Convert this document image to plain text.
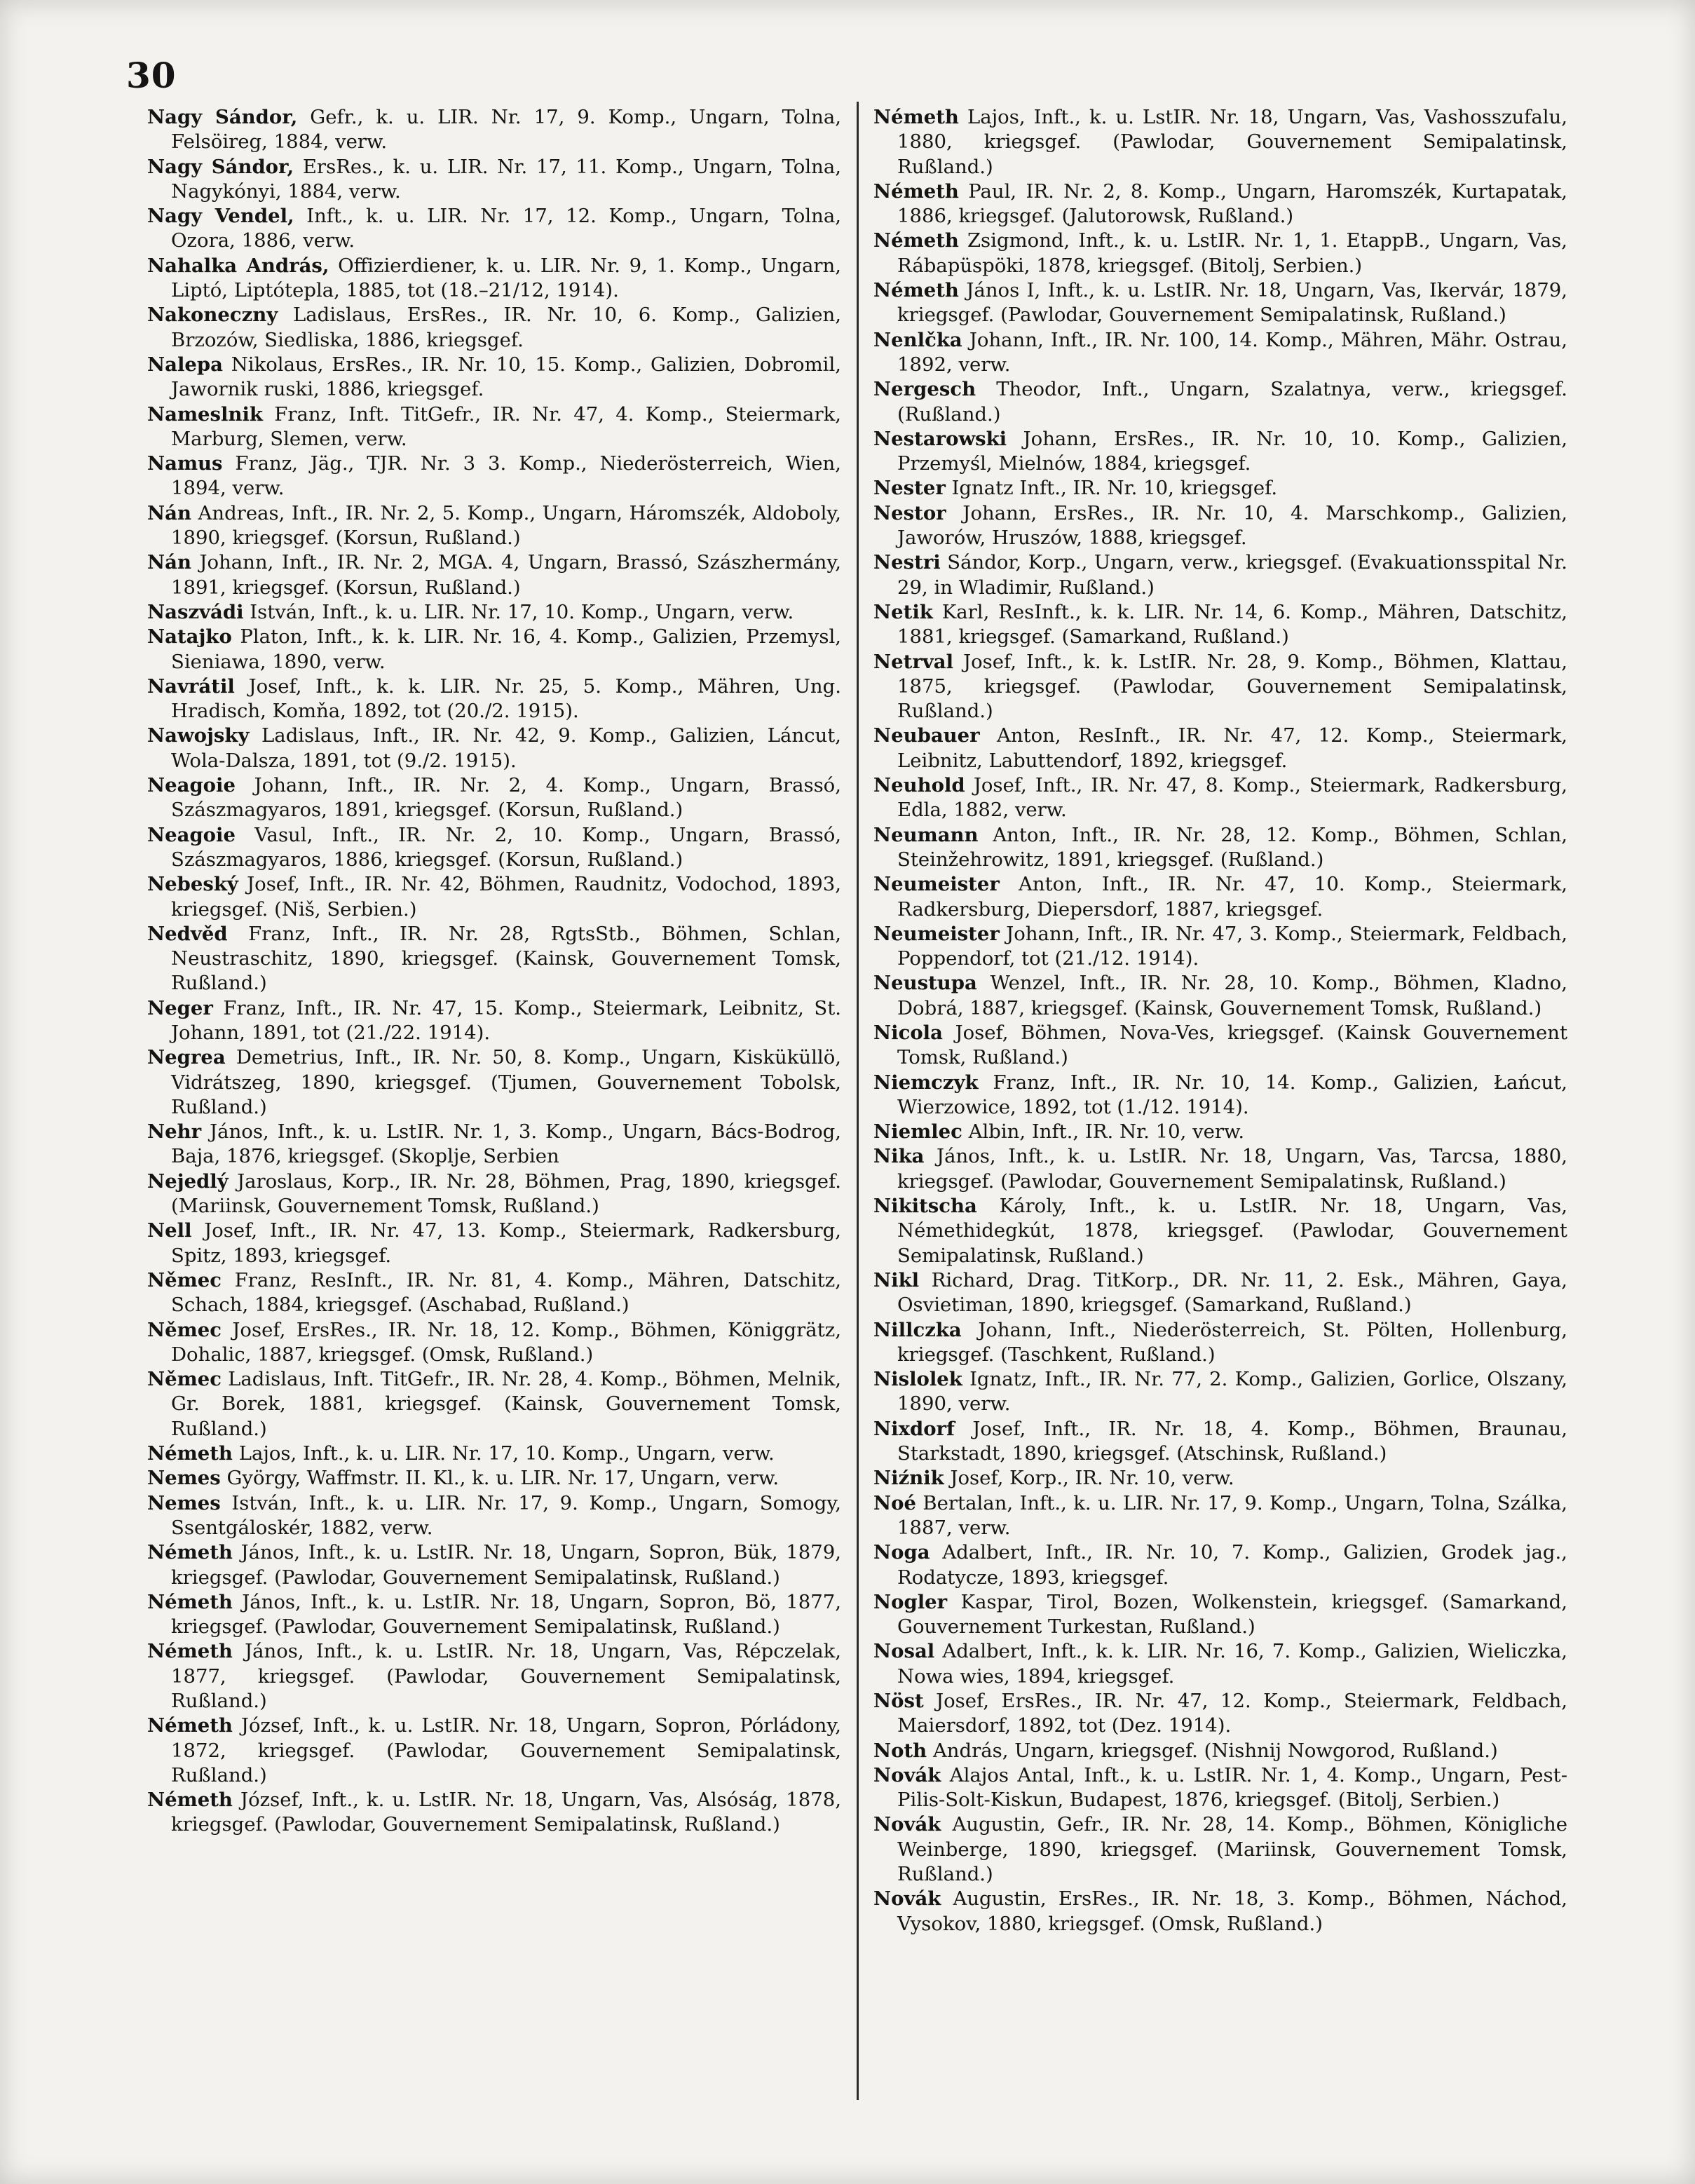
30

Nagy Sándor, Gefr., k. u. LIR. Nr. 17, 9. Komp., Ungarn, Tolna, Felsöireg, 1884, verw.

Nagy Sándor, ErsRes., k. u. LIR. Nr. 17, 11. Komp., Ungarn, Tolna, Nagykónyi, 1884, verw.

Nagy Vendel, Inft., k. u. LIR. Nr. 17, 12. Komp., Ungarn, Tolna, Ozora, 1886, verw.

Nahalka András, Offizierdiener, k. u. LIR. Nr. 9, 1. Komp., Ungarn, Liptó, Liptótepla, 1885, tot (18.–21/12, 1914).

Nakoneczny Ladislaus, ErsRes., IR. Nr. 10, 6. Komp., Galizien, Brzozów, Siedliska, 1886, kriegsgef.

Nalepa Nikolaus, ErsRes., IR. Nr. 10, 15. Komp., Galizien, Dobromil, Jawornik ruski, 1886, kriegsgef.

Nameslnik Franz, Inft. TitGefr., IR. Nr. 47, 4. Komp., Steiermark, Marburg, Slemen, verw.

Namus Franz, Jäg., TJR. Nr. 3 3. Komp., Niederösterreich, Wien, 1894, verw.

Nán Andreas, Inft., IR. Nr. 2, 5. Komp., Ungarn, Háromszék, Aldoboly, 1890, kriegsgef. (Korsun, Rußland.)

Nán Johann, Inft., IR. Nr. 2, MGA. 4, Ungarn, Brassó, Szászhermány, 1891, kriegsgef. (Korsun, Rußland.)

Naszvádi István, Inft., k. u. LIR. Nr. 17, 10. Komp., Ungarn, verw.

Natajko Platon, Inft., k. k. LIR. Nr. 16, 4. Komp., Galizien, Przemysl, Sieniawa, 1890, verw.

Navrátil Josef, Inft., k. k. LIR. Nr. 25, 5. Komp., Mähren, Ung. Hradisch, Komňa, 1892, tot (20./2. 1915).

Nawojsky Ladislaus, Inft., IR. Nr. 42, 9. Komp., Galizien, Láncut, Wola-Dalsza, 1891, tot (9./2. 1915).

Neagoie Johann, Inft., IR. Nr. 2, 4. Komp., Ungarn, Brassó, Szászmagyaros, 1891, kriegsgef. (Korsun, Rußland.)

Neagoie Vasul, Inft., IR. Nr. 2, 10. Komp., Ungarn, Brassó, Szászmagyaros, 1886, kriegsgef. (Korsun, Rußland.)

Nebeský Josef, Inft., IR. Nr. 42, Böhmen, Raudnitz, Vodochod, 1893, kriegsgef. (Niš, Serbien.)

Nedvěd Franz, Inft., IR. Nr. 28, RgtsStb., Böhmen, Schlan, Neustraschitz, 1890, kriegsgef. (Kainsk, Gouvernement Tomsk, Rußland.)

Neger Franz, Inft., IR. Nr. 47, 15. Komp., Steiermark, Leibnitz, St. Johann, 1891, tot (21./22. 1914).

Negrea Demetrius, Inft., IR. Nr. 50, 8. Komp., Ungarn, Kisküküllö, Vidrátszeg, 1890, kriegsgef. (Tjumen, Gouvernement Tobolsk, Rußland.)

Nehr János, Inft., k. u. LstIR. Nr. 1, 3. Komp., Ungarn, Bács-Bodrog, Baja, 1876, kriegsgef. (Skoplje, Serbien

Nejedlý Jaroslaus, Korp., IR. Nr. 28, Böhmen, Prag, 1890, kriegsgef. (Mariinsk, Gouvernement Tomsk, Rußland.)

Nell Josef, Inft., IR. Nr. 47, 13. Komp., Steiermark, Radkersburg, Spitz, 1893, kriegsgef.

Němec Franz, ResInft., IR. Nr. 81, 4. Komp., Mähren, Datschitz, Schach, 1884, kriegsgef. (Aschabad, Rußland.)

Němec Josef, ErsRes., IR. Nr. 18, 12. Komp., Böhmen, Königgrätz, Dohalic, 1887, kriegsgef. (Omsk, Rußland.)

Němec Ladislaus, Inft. TitGefr., IR. Nr. 28, 4. Komp., Böhmen, Melnik, Gr. Borek, 1881, kriegsgef. (Kainsk, Gouvernement Tomsk, Rußland.)

Németh Lajos, Inft., k. u. LIR. Nr. 17, 10. Komp., Ungarn, verw.

Nemes György, Waffmstr. II. Kl., k. u. LIR. Nr. 17, Ungarn, verw.

Nemes István, Inft., k. u. LIR. Nr. 17, 9. Komp., Ungarn, Somogy, Ssentgáloskér, 1882, verw.

Németh János, Inft., k. u. LstIR. Nr. 18, Ungarn, Sopron, Bük, 1879, kriegsgef. (Pawlodar, Gouvernement Semipalatinsk, Rußland.)

Németh János, Inft., k. u. LstIR. Nr. 18, Ungarn, Sopron, Bö, 1877, kriegsgef. (Pawlodar, Gouvernement Semipalatinsk, Rußland.)

Németh János, Inft., k. u. LstIR. Nr. 18, Ungarn, Vas, Répczelak, 1877, kriegsgef. (Pawlodar, Gouvernement Semipalatinsk, Rußland.)

Németh József, Inft., k. u. LstIR. Nr. 18, Ungarn, Sopron, Pórládony, 1872, kriegsgef. (Pawlodar, Gouvernement Semipalatinsk, Rußland.)

Németh József, Inft., k. u. LstIR. Nr. 18, Ungarn, Vas, Alsóság, 1878, kriegsgef. (Pawlodar, Gouvernement Semipalatinsk, Rußland.)

Németh Lajos, Inft., k. u. LstIR. Nr. 18, Ungarn, Vas, Vashosszufalu, 1880, kriegsgef. (Pawlodar, Gouvernement Semipalatinsk, Rußland.)

Németh Paul, IR. Nr. 2, 8. Komp., Ungarn, Haromszék, Kurtapatak, 1886, kriegsgef. (Jalutorowsk, Rußland.)

Németh Zsigmond, Inft., k. u. LstIR. Nr. 1, 1. EtappB., Ungarn, Vas, Rábapüspöki, 1878, kriegsgef. (Bitolj, Serbien.)

Németh János I, Inft., k. u. LstIR. Nr. 18, Ungarn, Vas, Ikervár, 1879, kriegsgef. (Pawlodar, Gouvernement Semipalatinsk, Rußland.)

Nenlčka Johann, Inft., IR. Nr. 100, 14. Komp., Mähren, Mähr. Ostrau, 1892, verw.

Nergesch Theodor, Inft., Ungarn, Szalatnya, verw., kriegsgef. (Rußland.)

Nestarowski Johann, ErsRes., IR. Nr. 10, 10. Komp., Galizien, Przemyśl, Mielnów, 1884, kriegsgef.

Nester Ignatz Inft., IR. Nr. 10, kriegsgef.

Nestor Johann, ErsRes., IR. Nr. 10, 4. Marschkomp., Galizien, Jaworów, Hruszów, 1888, kriegsgef.

Nestri Sándor, Korp., Ungarn, verw., kriegsgef. (Evakuationsspital Nr. 29, in Wladimir, Rußland.)

Netik Karl, ResInft., k. k. LIR. Nr. 14, 6. Komp., Mähren, Datschitz, 1881, kriegsgef. (Samarkand, Rußland.)

Netrval Josef, Inft., k. k. LstIR. Nr. 28, 9. Komp., Böhmen, Klattau, 1875, kriegsgef. (Pawlodar, Gouvernement Semipalatinsk, Rußland.)

Neubauer Anton, ResInft., IR. Nr. 47, 12. Komp., Steiermark, Leibnitz, Labuttendorf, 1892, kriegsgef.

Neuhold Josef, Inft., IR. Nr. 47, 8. Komp., Steiermark, Radkersburg, Edla, 1882, verw.

Neumann Anton, Inft., IR. Nr. 28, 12. Komp., Böhmen, Schlan, Steinžehrowitz, 1891, kriegsgef. (Rußland.)

Neumeister Anton, Inft., IR. Nr. 47, 10. Komp., Steiermark, Radkersburg, Diepersdorf, 1887, kriegsgef.

Neumeister Johann, Inft., IR. Nr. 47, 3. Komp., Steiermark, Feldbach, Poppendorf, tot (21./12. 1914).

Neustupa Wenzel, Inft., IR. Nr. 28, 10. Komp., Böhmen, Kladno, Dobrá, 1887, kriegsgef. (Kainsk, Gouvernement Tomsk, Rußland.)

Nicola Josef, Böhmen, Nova-Ves, kriegsgef. (Kainsk Gouvernement Tomsk, Rußland.)

Niemczyk Franz, Inft., IR. Nr. 10, 14. Komp., Galizien, Łańcut, Wierzowice, 1892, tot (1./12. 1914).

Niemlec Albin, Inft., IR. Nr. 10, verw.

Nika János, Inft., k. u. LstIR. Nr. 18, Ungarn, Vas, Tarcsa, 1880, kriegsgef. (Pawlodar, Gouvernement Semipalatinsk, Rußland.)

Nikitscha Károly, Inft., k. u. LstIR. Nr. 18, Ungarn, Vas, Némethidegkút, 1878, kriegsgef. (Pawlodar, Gouvernement Semipalatinsk, Rußland.)

Nikl Richard, Drag. TitKorp., DR. Nr. 11, 2. Esk., Mähren, Gaya, Osvietiman, 1890, kriegsgef. (Samarkand, Rußland.)

Nillczka Johann, Inft., Niederösterreich, St. Pölten, Hollenburg, kriegsgef. (Taschkent, Rußland.)

Nislolek Ignatz, Inft., IR. Nr. 77, 2. Komp., Galizien, Gorlice, Olszany, 1890, verw.

Nixdorf Josef, Inft., IR. Nr. 18, 4. Komp., Böhmen, Braunau, Starkstadt, 1890, kriegsgef. (Atschinsk, Rußland.)

Niźnik Josef, Korp., IR. Nr. 10, verw.

Noé Bertalan, Inft., k. u. LIR. Nr. 17, 9. Komp., Ungarn, Tolna, Szálka, 1887, verw.

Noga Adalbert, Inft., IR. Nr. 10, 7. Komp., Galizien, Grodek jag., Rodatycze, 1893, kriegsgef.

Nogler Kaspar, Tirol, Bozen, Wolkenstein, kriegsgef. (Samarkand, Gouvernement Turkestan, Rußland.)

Nosal Adalbert, Inft., k. k. LIR. Nr. 16, 7. Komp., Galizien, Wieliczka, Nowa wies, 1894, kriegsgef.

Nöst Josef, ErsRes., IR. Nr. 47, 12. Komp., Steiermark, Feldbach, Maiersdorf, 1892, tot (Dez. 1914).

Noth András, Ungarn, kriegsgef. (Nishnij Nowgorod, Rußland.)

Novák Alajos Antal, Inft., k. u. LstIR. Nr. 1, 4. Komp., Ungarn, Pest-Pilis-Solt-Kiskun, Budapest, 1876, kriegsgef. (Bitolj, Serbien.)

Novák Augustin, Gefr., IR. Nr. 28, 14. Komp., Böhmen, Königliche Weinberge, 1890, kriegsgef. (Mariinsk, Gouvernement Tomsk, Rußland.)

Novák Augustin, ErsRes., IR. Nr. 18, 3. Komp., Böhmen, Náchod, Vysokov, 1880, kriegsgef. (Omsk, Rußland.)
